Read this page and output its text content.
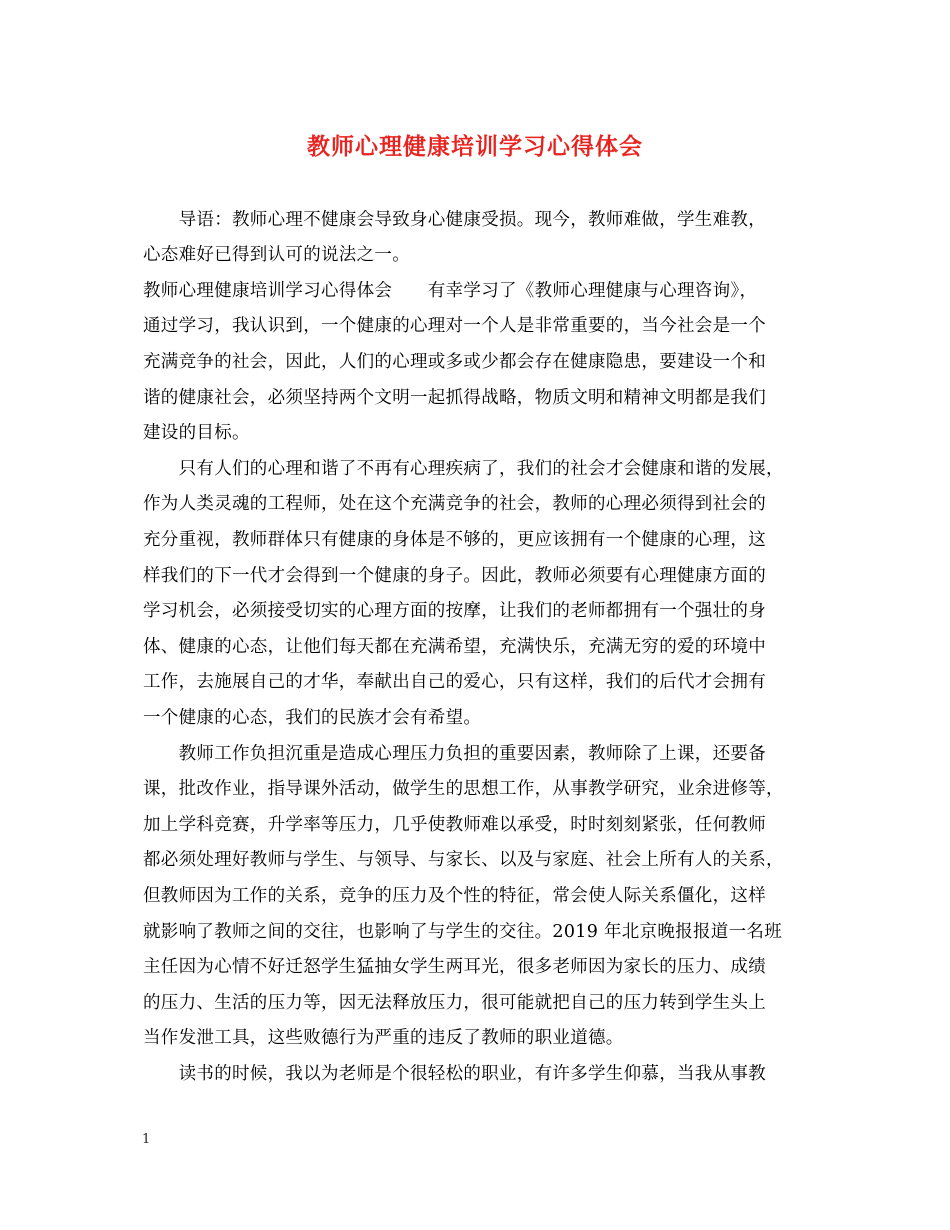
教师心理健康培训学习心得体会
　　导语：教师心理不健康会导致身心健康受损。现今，教师难做，学生难教，
心态难好已得到认可的说法之一。
教师心理健康培训学习心得体会　　有幸学习了《教师心理健康与心理咨询》，
通过学习，我认识到，一个健康的心理对一个人是非常重要的，当今社会是一个
充满竞争的社会，因此，人们的心理或多或少都会存在健康隐患，要建设一个和
谐的健康社会，必须坚持两个文明一起抓得战略，物质文明和精神文明都是我们
建设的目标。
　　只有人们的心理和谐了不再有心理疾病了，我们的社会才会健康和谐的发展，
作为人类灵魂的工程师，处在这个充满竞争的社会，教师的心理必须得到社会的
充分重视，教师群体只有健康的身体是不够的，更应该拥有一个健康的心理，这
样我们的下一代才会得到一个健康的身子。因此，教师必须要有心理健康方面的
学习机会，必须接受切实的心理方面的按摩，让我们的老师都拥有一个强壮的身
体、健康的心态，让他们每天都在充满希望，充满快乐，充满无穷的爱的环境中
工作，去施展自己的才华，奉献出自己的爱心，只有这样，我们的后代才会拥有
一个健康的心态，我们的民族才会有希望。
　　教师工作负担沉重是造成心理压力负担的重要因素，教师除了上课，还要备
课，批改作业，指导课外活动，做学生的思想工作，从事教学研究，业余进修等，
加上学科竞赛，升学率等压力，几乎使教师难以承受，时时刻刻紧张，任何教师
都必须处理好教师与学生、与领导、与家长、以及与家庭、社会上所有人的关系，
但教师因为工作的关系，竞争的压力及个性的特征，常会使人际关系僵化，这样
就影响了教师之间的交往，也影响了与学生的交往。2019 年北京晚报报道一名班
主任因为心情不好迁怒学生猛抽女学生两耳光，很多老师因为家长的压力、成绩
的压力、生活的压力等，因无法释放压力，很可能就把自己的压力转到学生头上
当作发泄工具，这些败德行为严重的违反了教师的职业道德。
　　读书的时候，我以为老师是个很轻松的职业，有许多学生仰慕，当我从事教
1
